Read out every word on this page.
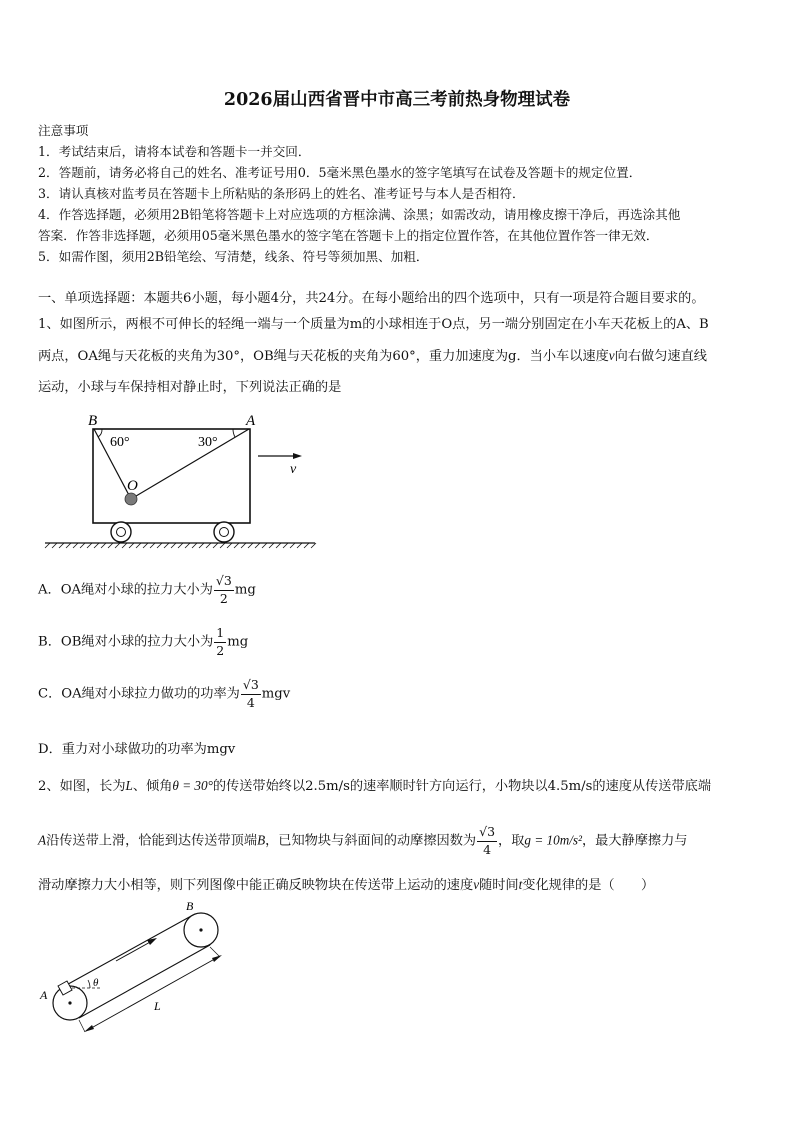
2026届山西省晋中市高三考前热身物理试卷
注意事项
1．考试结束后，请将本试卷和答题卡一并交回．
2．答题前，请务必将自己的姓名、准考证号用0．5毫米黑色墨水的签字笔填写在试卷及答题卡的规定位置．
3．请认真核对监考员在答题卡上所粘贴的条形码上的姓名、准考证号与本人是否相符．
4．作答选择题，必须用2B铅笔将答题卡上对应选项的方框涂满、涂黑；如需改动，请用橡皮擦干净后，再选涂其他
答案．作答非选择题，必须用05毫米黑色墨水的签字笔在答题卡上的指定位置作答，在其他位置作答一律无效．
5．如需作图，须用2B铅笔绘、写清楚，线条、符号等须加黑、加粗．
一、单项选择题：本题共6小题，每小题4分，共24分。在每小题给出的四个选项中，只有一项是符合题目要求的。
1、如图所示，两根不可伸长的轻绳一端与一个质量为m的小球相连于O点，另一端分别固定在小车天花板上的A、B
两点，OA绳与天花板的夹角为30°，OB绳与天花板的夹角为60°，重力加速度为g．当小车以速度v向右做匀速直线
运动，小球与车保持相对静止时，下列说法正确的是
B	A
O
v
60°	30°
A．OA绳对小球的拉力大小为 $\frac{√3}{2}$ mg
B．OB绳对小球的拉力大小为 $\frac{1}{2}$ mg
C．OA绳对小球拉力做功的功率为 $\frac{√3}{4}$ mgv
D．重力对小球做功的功率为mgv
2、如图，长为L、倾角θ = 30°的传送带始终以2.5m/s的速率顺时针方向运行，小物块以4.5m/s的速度从传送带底端
A沿传送带上滑，恰能到达传送带顶端B，已知物块与斜面间的动摩擦因数为 $\frac{√3}{4}$ ，取g = 10m/s²，最大静摩擦力与
滑动摩擦力大小相等，则下列图像中能正确反映物块在传送带上运动的速度v随时间t变化规律的是（　　）
A
B
θ
L
